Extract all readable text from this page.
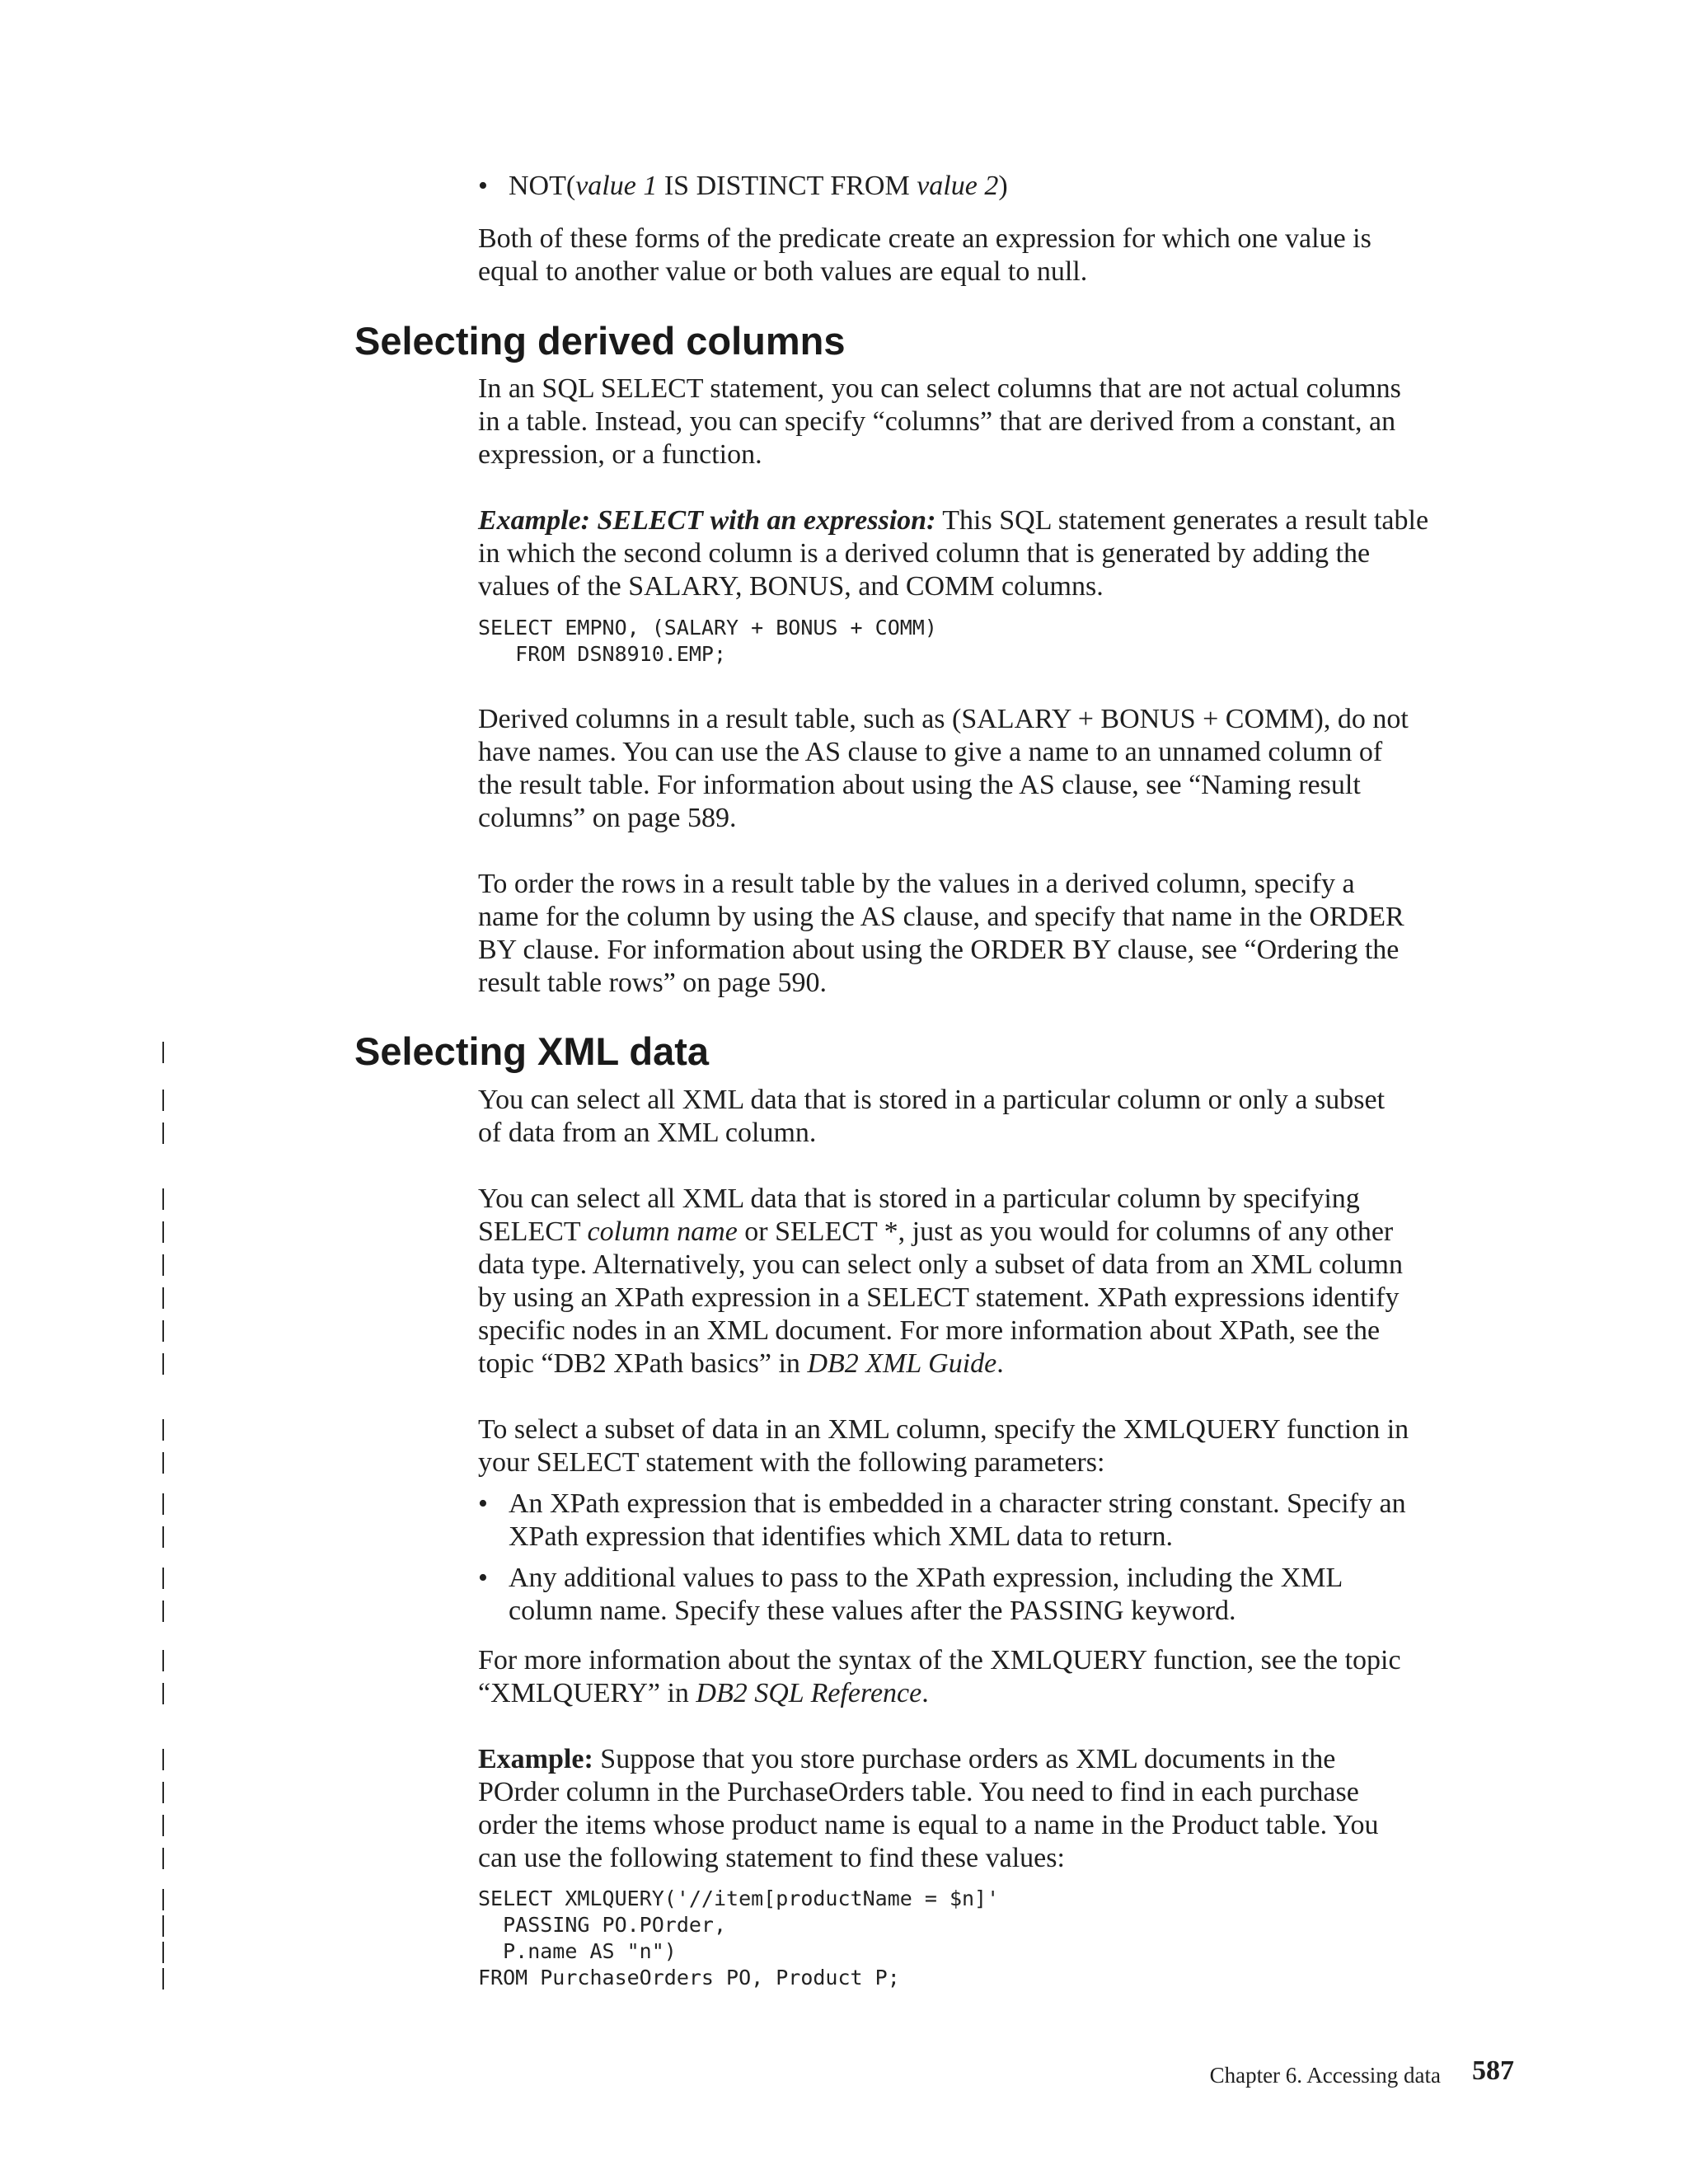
• NOT(value 1 IS DISTINCT FROM value 2)
Both of these forms of the predicate create an expression for which one value is
equal to another value or both values are equal to null.
Selecting derived columns
In an SQL SELECT statement, you can select columns that are not actual columns
in a table. Instead, you can specify “columns” that are derived from a constant, an
expression, or a function.
Example: SELECT with an expression: This SQL statement generates a result table
in which the second column is a derived column that is generated by adding the
values of the SALARY, BONUS, and COMM columns.
SELECT EMPNO, (SALARY + BONUS + COMM)
FROM DSN8910.EMP;
Derived columns in a result table, such as (SALARY + BONUS + COMM), do not
have names. You can use the AS clause to give a name to an unnamed column of
the result table. For information about using the AS clause, see “Naming result
columns” on page 589.
To order the rows in a result table by the values in a derived column, specify a
name for the column by using the AS clause, and specify that name in the ORDER
BY clause. For information about using the ORDER BY clause, see “Ordering the
result table rows” on page 590.
Selecting XML data
You can select all XML data that is stored in a particular column or only a subset
of data from an XML column.
You can select all XML data that is stored in a particular column by specifying
SELECT column name or SELECT *, just as you would for columns of any other
data type. Alternatively, you can select only a subset of data from an XML column
by using an XPath expression in a SELECT statement. XPath expressions identify
specific nodes in an XML document. For more information about XPath, see the
topic “DB2 XPath basics” in DB2 XML Guide.
To select a subset of data in an XML column, specify the XMLQUERY function in
your SELECT statement with the following parameters:
• An XPath expression that is embedded in a character string constant. Specify an
XPath expression that identifies which XML data to return.
• Any additional values to pass to the XPath expression, including the XML
column name. Specify these values after the PASSING keyword.
For more information about the syntax of the XMLQUERY function, see the topic
“XMLQUERY” in DB2 SQL Reference.
Example: Suppose that you store purchase orders as XML documents in the
POrder column in the PurchaseOrders table. You need to find in each purchase
order the items whose product name is equal to a name in the Product table. You
can use the following statement to find these values:
SELECT XMLQUERY('//item[productName = $n]'
PASSING PO.POrder,
P.name AS "n")
FROM PurchaseOrders PO, Product P;
Chapter 6. Accessing data 587
